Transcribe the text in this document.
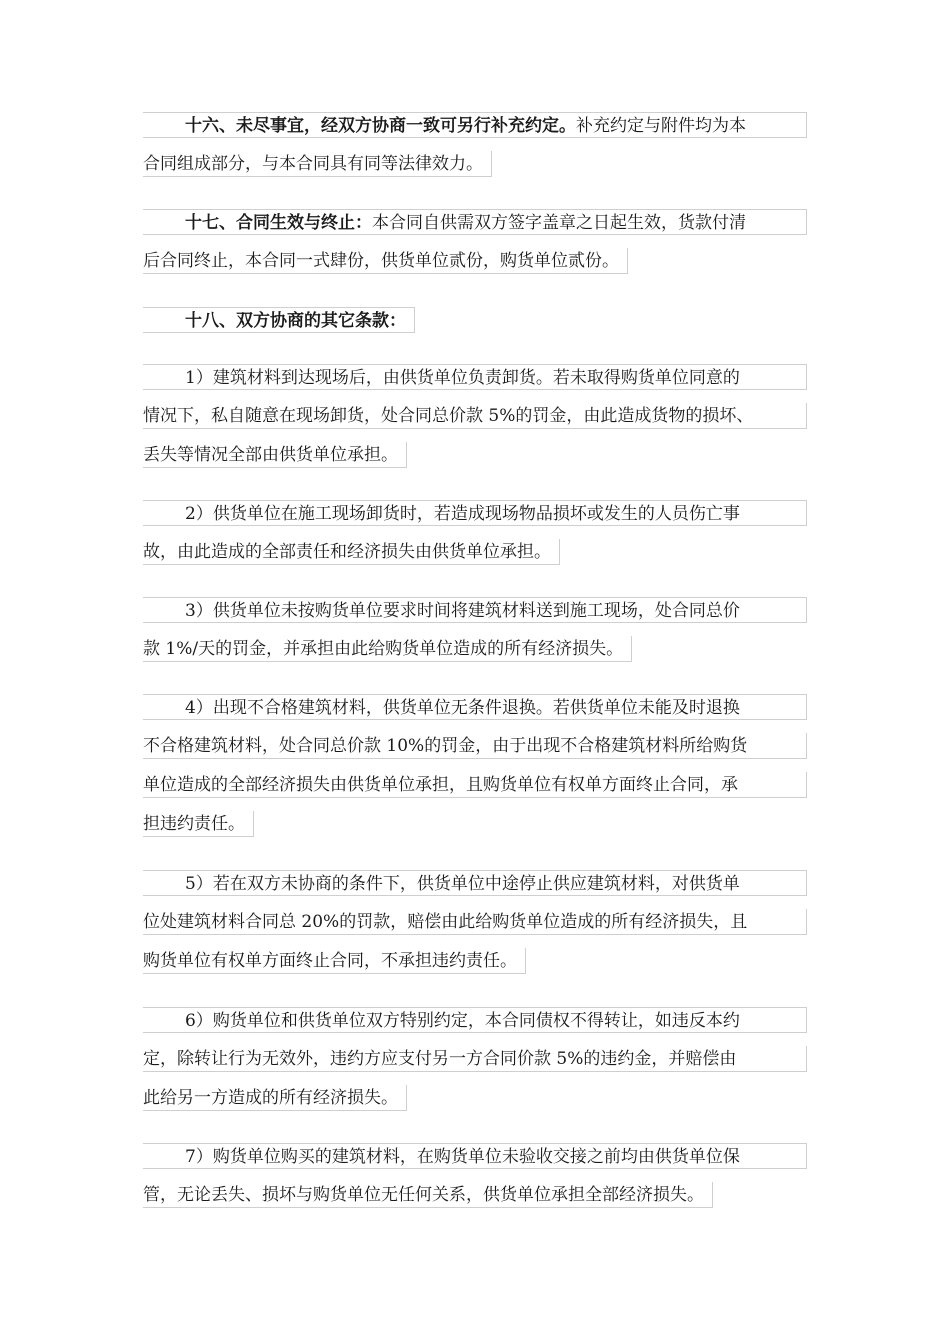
十六、未尽事宜，经双方协商一致可另行补充约定。补充约定与附件均为本
合同组成部分，与本合同具有同等法律效力。
十七、合同生效与终止：本合同自供需双方签字盖章之日起生效，货款付清
后合同终止，本合同一式肆份，供货单位贰份，购货单位贰份。
十八、双方协商的其它条款：
1）建筑材料到达现场后，由供货单位负责卸货。若未取得购货单位同意的
情况下，私自随意在现场卸货，处合同总价款 5%的罚金，由此造成货物的损坏、
丢失等情况全部由供货单位承担。
2）供货单位在施工现场卸货时，若造成现场物品损坏或发生的人员伤亡事
故，由此造成的全部责任和经济损失由供货单位承担。
3）供货单位未按购货单位要求时间将建筑材料送到施工现场，处合同总价
款 1%/天的罚金，并承担由此给购货单位造成的所有经济损失。
4）出现不合格建筑材料，供货单位无条件退换。若供货单位未能及时退换
不合格建筑材料，处合同总价款 10%的罚金，由于出现不合格建筑材料所给购货
单位造成的全部经济损失由供货单位承担，且购货单位有权单方面终止合同，承
担违约责任。
5）若在双方未协商的条件下，供货单位中途停止供应建筑材料，对供货单
位处建筑材料合同总 20%的罚款，赔偿由此给购货单位造成的所有经济损失，且
购货单位有权单方面终止合同，不承担违约责任。
6）购货单位和供货单位双方特别约定，本合同债权不得转让，如违反本约
定，除转让行为无效外，违约方应支付另一方合同价款 5%的违约金，并赔偿由
此给另一方造成的所有经济损失。
7）购货单位购买的建筑材料，在购货单位未验收交接之前均由供货单位保
管，无论丢失、损坏与购货单位无任何关系，供货单位承担全部经济损失。
